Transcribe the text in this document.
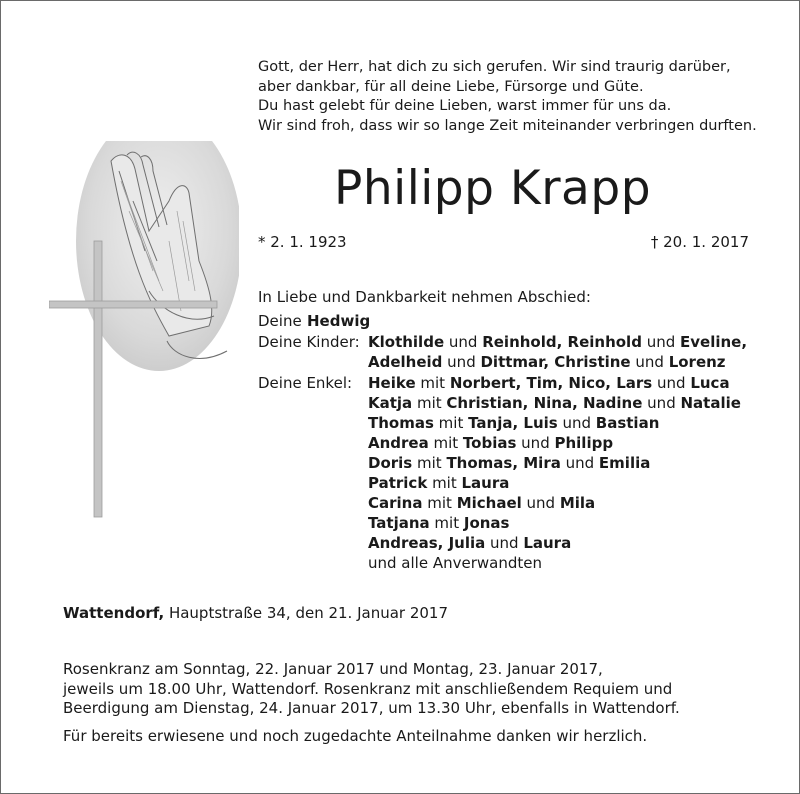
Gott, der Herr, hat dich zu sich gerufen. Wir sind traurig darüber,
aber dankbar, für all deine Liebe, Fürsorge und Güte.
Du hast gelebt für deine Lieben, warst immer für uns da.
Wir sind froh, dass wir so lange Zeit miteinander verbringen durften.
Philipp Krapp
* 2. 1. 1923	† 20. 1. 2017
In Liebe und Dankbarkeit nehmen Abschied:
Deine Hedwig
Deine Kinder: Klothilde und Reinhold, Reinhold und Eveline,
Adelheid und Dittmar, Christine und Lorenz
Deine Enkel: Heike mit Norbert, Tim, Nico, Lars und Luca
Katja mit Christian, Nina, Nadine und Natalie
Thomas mit Tanja, Luis und Bastian
Andrea mit Tobias und Philipp
Doris mit Thomas, Mira und Emilia
Patrick mit Laura
Carina mit Michael und Mila
Tatjana mit Jonas
Andreas, Julia und Laura
und alle Anverwandten
Wattendorf, Hauptstraße 34, den 21. Januar 2017
Rosenkranz am Sonntag, 22. Januar 2017 und Montag, 23. Januar 2017,
jeweils um 18.00 Uhr, Wattendorf. Rosenkranz mit anschließendem Requiem und
Beerdigung am Dienstag, 24. Januar 2017, um 13.30 Uhr, ebenfalls in Wattendorf.
Für bereits erwiesene und noch zugedachte Anteilnahme danken wir herzlich.
